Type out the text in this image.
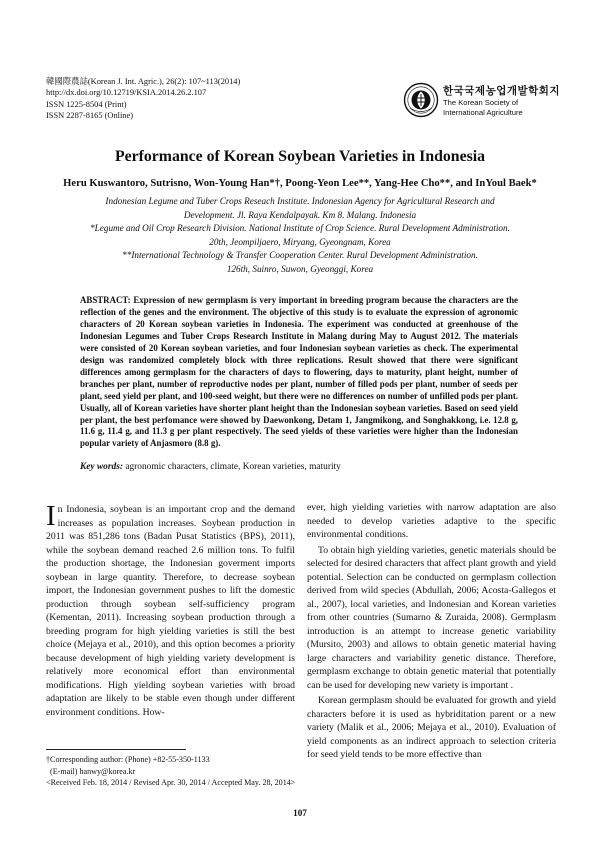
韓國際農誌(Korean J. Int. Agric.), 26(2): 107~113(2014)
http://dx.doi.org/10.12719/KSIA.2014.26.2.107
ISSN 1225-8504 (Print)
ISSN 2287-8165 (Online)
한국국제농업개발학회지
The Korean Society of International Agriculture
Performance of Korean Soybean Varieties in Indonesia
Heru Kuswantoro, Sutrisno, Won-Young Han*†, Poong-Yeon Lee**, Yang-Hee Cho**, and InYoul Baek*
Indonesian Legume and Tuber Crops Reseach Institute. Indonesian Agency for Agricultural Research and
Development. Jl. Raya Kendalpayak. Km 8. Malang. Indonesia
*Legume and Oil Crop Research Division. National Institute of Crop Science. Rural Development Administration.
20th, Jeompiljaero, Miryang, Gyeongnam, Korea
**International Technology & Transfer Cooperation Center. Rural Development Administration.
126th, Suinro, Suwon, Gyeonggi, Korea
ABSTRACT: Expression of new germplasm is very important in breeding program because the characters are the reflection of the genes and the environment. The objective of this study is to evaluate the expression of agronomic characters of 20 Korean soybean varieties in Indonesia. The experiment was conducted at greenhouse of the Indonesian Legumes and Tuber Crops Research Institute in Malang during May to August 2012. The materials were consisted of 20 Korean soybean varieties, and four Indonesian soybean varieties as check. The experimental design was randomized completely block with three replications. Result showed that there were significant differences among germplasm for the characters of days to flowering, days to maturity, plant height, number of branches per plant, number of reproductive nodes per plant, number of filled pods per plant, number of seeds per plant, seed yield per plant, and 100-seed weight, but there were no differences on number of unfilled pods per plant. Usually, all of Korean varieties have shorter plant height than the Indonesian soybean varieties. Based on seed yield per plant, the best perfomance were showed by Daewonkong, Detam 1, Jangmikong, and Songhakkong, i.e. 12.8 g, 11.6 g, 11.4 g, and 11.3 g per plant respectively. The seed yields of these varieties were higher than the Indonesian popular variety of Anjasmoro (8.8 g).
Key words: agronomic characters, climate, Korean varieties, maturity

I n Indonesia, soybean is an important crop and the demand increases as population increases. Soybean production in 2011 was 851,286 tons (Badan Pusat Statistics (BPS), 2011), while the soybean demand reached 2.6 million tons. To fulfil the production shortage, the Indonesian goverment imports soybean in large quantity. Therefore, to decrease soybean import, the Indonesian government pushes to lift the domestic production through soybean self-sufficiency program (Kementan, 2011). Increasing soybean production through a breeding program for high yielding varieties is still the best choice (Mejaya et al., 2010), and this option becomes a priority because development of high yielding variety development is relatively more economical effort than environmental modifications. High yielding soybean varieties with broad adaptation are likely to be stable even though under different environment conditions. How-

ever, high yielding varieties with narrow adaptation are also needed to develop varieties adaptive to the specific environmental conditions.

To obtain high yielding varieties, genetic materials should be selected for desired characters that affect plant growth and yield potential. Selection can be conducted on germplasm collection derived from wild species (Abdullah, 2006; Acosta-Gallegos et al., 2007), local varieties, and Indonesian and Korean varieties from other countries (Sumarno & Zuraida, 2008). Germplasm introduction is an attempt to increase genetic variability (Mursito, 2003) and allows to obtain genetic material having large characters and variability genetic distance. Therefore, germplasm exchange to obtain genetic material that potentially can be used for developing new variety is important .

Korean germplasm should be evaluated for growth and yield characters before it is used as hybriditation parent or a new variety (Malik et al., 2006; Mejaya et al., 2010). Evaluation of yield components as an indirect approach to selection criteria for seed yield tends to be more effective than

†Corresponding author: (Phone) +82-55-350-1133
(E-mail) hanwy@korea.kr
<Received Feb. 18, 2014 / Revised Apr. 30, 2014 / Accepted May. 28, 2014>
107
